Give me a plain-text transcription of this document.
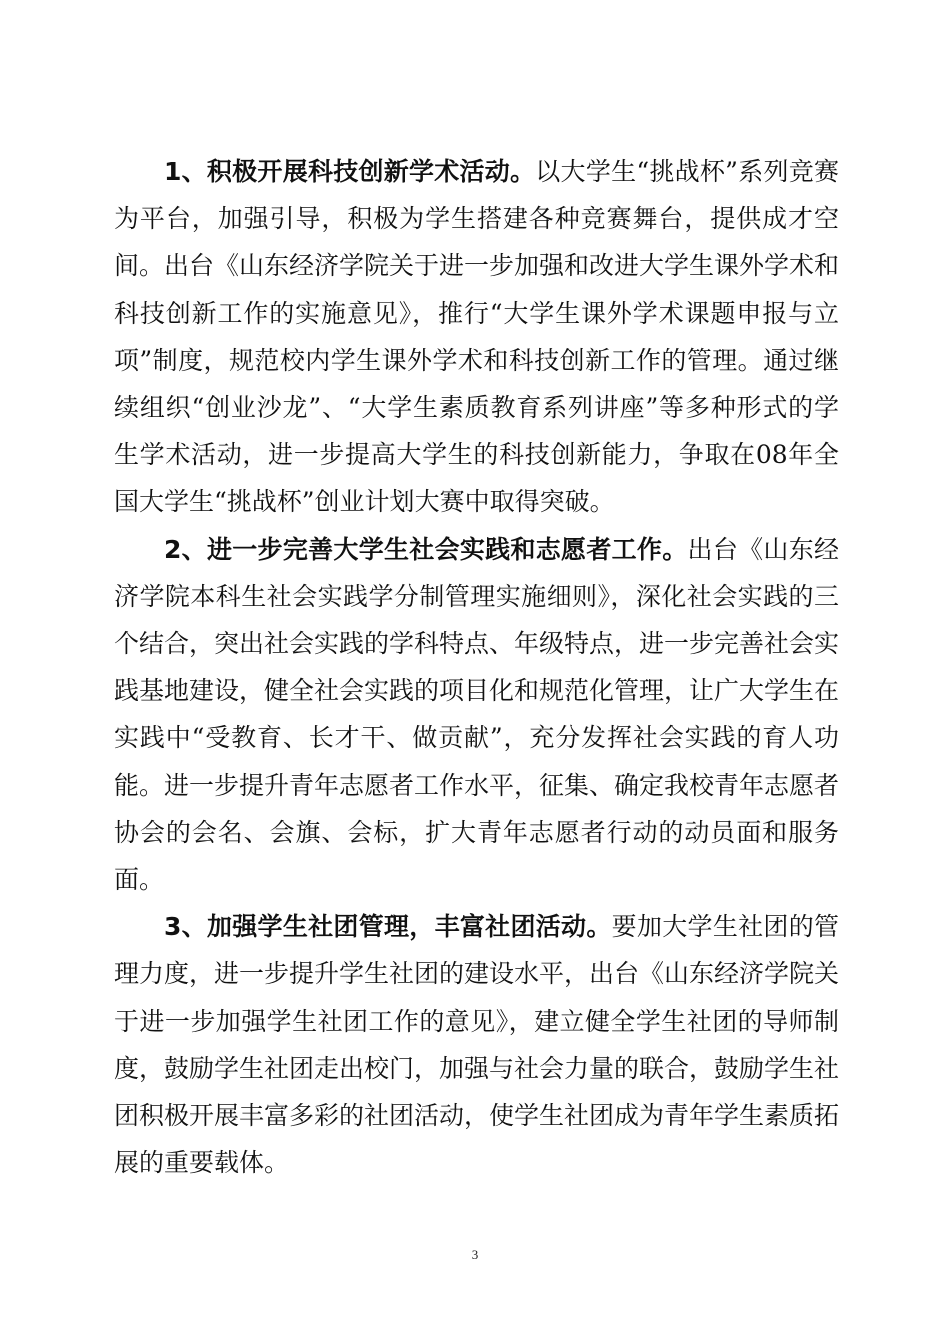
1、积极开展科技创新学术活动。以大学生“挑战杯”系列竞赛为平台，加强引导，积极为学生搭建各种竞赛舞台，提供成才空间。出台《山东经济学院关于进一步加强和改进大学生课外学术和科技创新工作的实施意见》，推行“大学生课外学术课题申报与立项”制度，规范校内学生课外学术和科技创新工作的管理。通过继续组织“创业沙龙”、“大学生素质教育系列讲座”等多种形式的学生学术活动，进一步提高大学生的科技创新能力，争取在08年全国大学生“挑战杯”创业计划大赛中取得突破。

2、进一步完善大学生社会实践和志愿者工作。出台《山东经济学院本科生社会实践学分制管理实施细则》，深化社会实践的三个结合，突出社会实践的学科特点、年级特点，进一步完善社会实践基地建设，健全社会实践的项目化和规范化管理，让广大学生在实践中“受教育、长才干、做贡献”，充分发挥社会实践的育人功能。进一步提升青年志愿者工作水平，征集、确定我校青年志愿者协会的会名、会旗、会标，扩大青年志愿者行动的动员面和服务面。

3、加强学生社团管理，丰富社团活动。要加大学生社团的管理力度，进一步提升学生社团的建设水平，出台《山东经济学院关于进一步加强学生社团工作的意见》，建立健全学生社团的导师制度，鼓励学生社团走出校门，加强与社会力量的联合，鼓励学生社团积极开展丰富多彩的社团活动，使学生社团成为青年学生素质拓展的重要载体。

3
